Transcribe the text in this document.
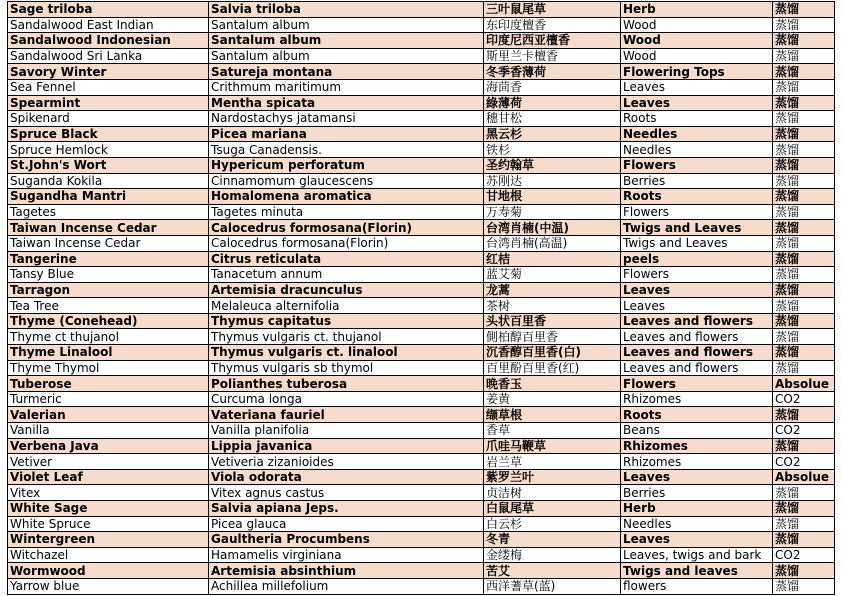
Sage triloba	Salvia triloba	三叶鼠尾草	Herb	蒸馏
Sandalwood East Indian	Santalum album	东印度檀香	Wood	蒸馏
Sandalwood Indonesian	Santalum album	印度尼西亚檀香	Wood	蒸馏
Sandalwood Sri Lanka	Santalum album	斯里兰卡檀香	Wood	蒸馏
Savory Winter	Satureja montana	冬季香薄荷	Flowering Tops	蒸馏
Sea Fennel	Crithmum maritimum	海茴香	Leaves	蒸馏
Spearmint	Mentha spicata	綠薄荷	Leaves	蒸馏
Spikenard	Nardostachys jatamansi	穗甘松	Roots	蒸馏
Spruce Black	Picea mariana	黑云杉	Needles	蒸馏
Spruce Hemlock	Tsuga Canadensis.	铁杉	Needles	蒸馏
St.John's Wort	Hypericum perforatum	圣约翰草	Flowers	蒸馏
Suganda Kokila	Cinnamomum glaucescens	苏刚达	Berries	蒸馏
Sugandha Mantri	Homalomena aromatica	甘地根	Roots	蒸馏
Tagetes	Tagetes minuta	万寿菊	Flowers	蒸馏
Taiwan Incense Cedar	Calocedrus formosana(Florin)	台湾肖楠(中温)	Twigs and Leaves	蒸馏
Taiwan Incense Cedar	Calocedrus formosana(Florin)	台湾肖楠(高温)	Twigs and Leaves	蒸馏
Tangerine	Citrus reticulata	红桔	peels	蒸馏
Tansy Blue	Tanacetum annum	蓝艾菊	Flowers	蒸馏
Tarragon	Artemisia dracunculus	龙蒿	Leaves	蒸馏
Tea Tree	Melaleuca alternifolia	茶树	Leaves	蒸馏
Thyme (Conehead)	Thymus capitatus	头状百里香	Leaves and flowers	蒸馏
Thyme ct thujanol	Thymus vulgaris ct. thujanol	側柏醇百里香	Leaves and flowers	蒸馏
Thyme Linalool	Thymus vulgaris ct. linalool	沉香醇百里香(白)	Leaves and flowers	蒸馏
Thyme Thymol	Thymus vulgaris sb thymol	百里酚百里香(红)	Leaves and flowers	蒸馏
Tuberose	Polianthes tuberosa	晚香玉	Flowers	Absolue
Turmeric	Curcuma longa	姜黄	Rhizomes	CO2
Valerian	Vateriana fauriel	缬草根	Roots	蒸馏
Vanilla	Vanilla planifolia	香草	Beans	CO2
Verbena Java	Lippia javanica	爪哇马鞭草	Rhizomes	蒸馏
Vetiver	Vetiveria zizanioides	岩兰草	Rhizomes	CO2
Violet Leaf	Viola odorata	紫罗兰叶	Leaves	Absolue
Vitex	Vitex agnus castus	贞洁树	Berries	蒸馏
White Sage	Salvia apiana Jeps.	白鼠尾草	Herb	蒸馏
White Spruce	Picea glauca	白云杉	Needles	蒸馏
Wintergreen	Gaultheria Procumbens	冬青	Leaves	蒸馏
Witchazel	Hamamelis virginiana	金缕梅	Leaves, twigs and bark	CO2
Wormwood	Artemisia absinthium	苦艾	Twigs and leaves	蒸馏
Yarrow blue	Achillea millefolium	西洋蓍草(蓝)	flowers	蒸馏
